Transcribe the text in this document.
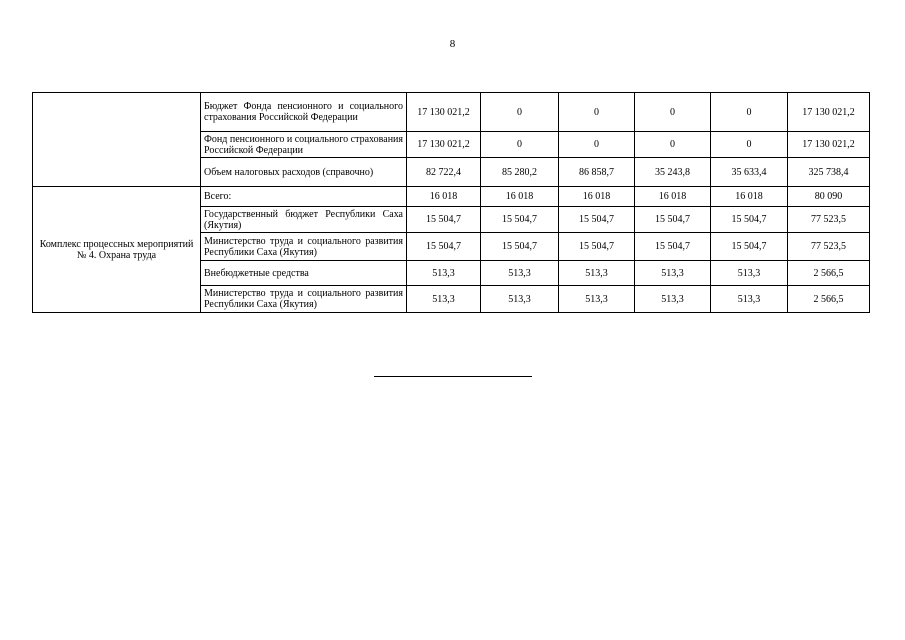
8
	Бюджет Фонда пенсионного и социального страхования Российской Федерации	17 130 021,2	0	0	0	0	17 130 021,2
	Фонд пенсионного и социального страхования Российской Федерации	17 130 021,2	0	0	0	0	17 130 021,2
	Объем налоговых расходов (справочно)	82 722,4	85 280,2	86 858,7	35 243,8	35 633,4	325 738,4
Комплекс процессных мероприятий № 4. Охрана труда	Всего:	16 018	16 018	16 018	16 018	16 018	80 090
	Государственный бюджет Республики Саха (Якутия)	15 504,7	15 504,7	15 504,7	15 504,7	15 504,7	77 523,5
	Министерство труда и социального развития Республики Саха (Якутия)	15 504,7	15 504,7	15 504,7	15 504,7	15 504,7	77 523,5
	Внебюджетные средства	513,3	513,3	513,3	513,3	513,3	2 566,5
	Министерство труда и социального развития Республики Саха (Якутия)	513,3	513,3	513,3	513,3	513,3	2 566,5
